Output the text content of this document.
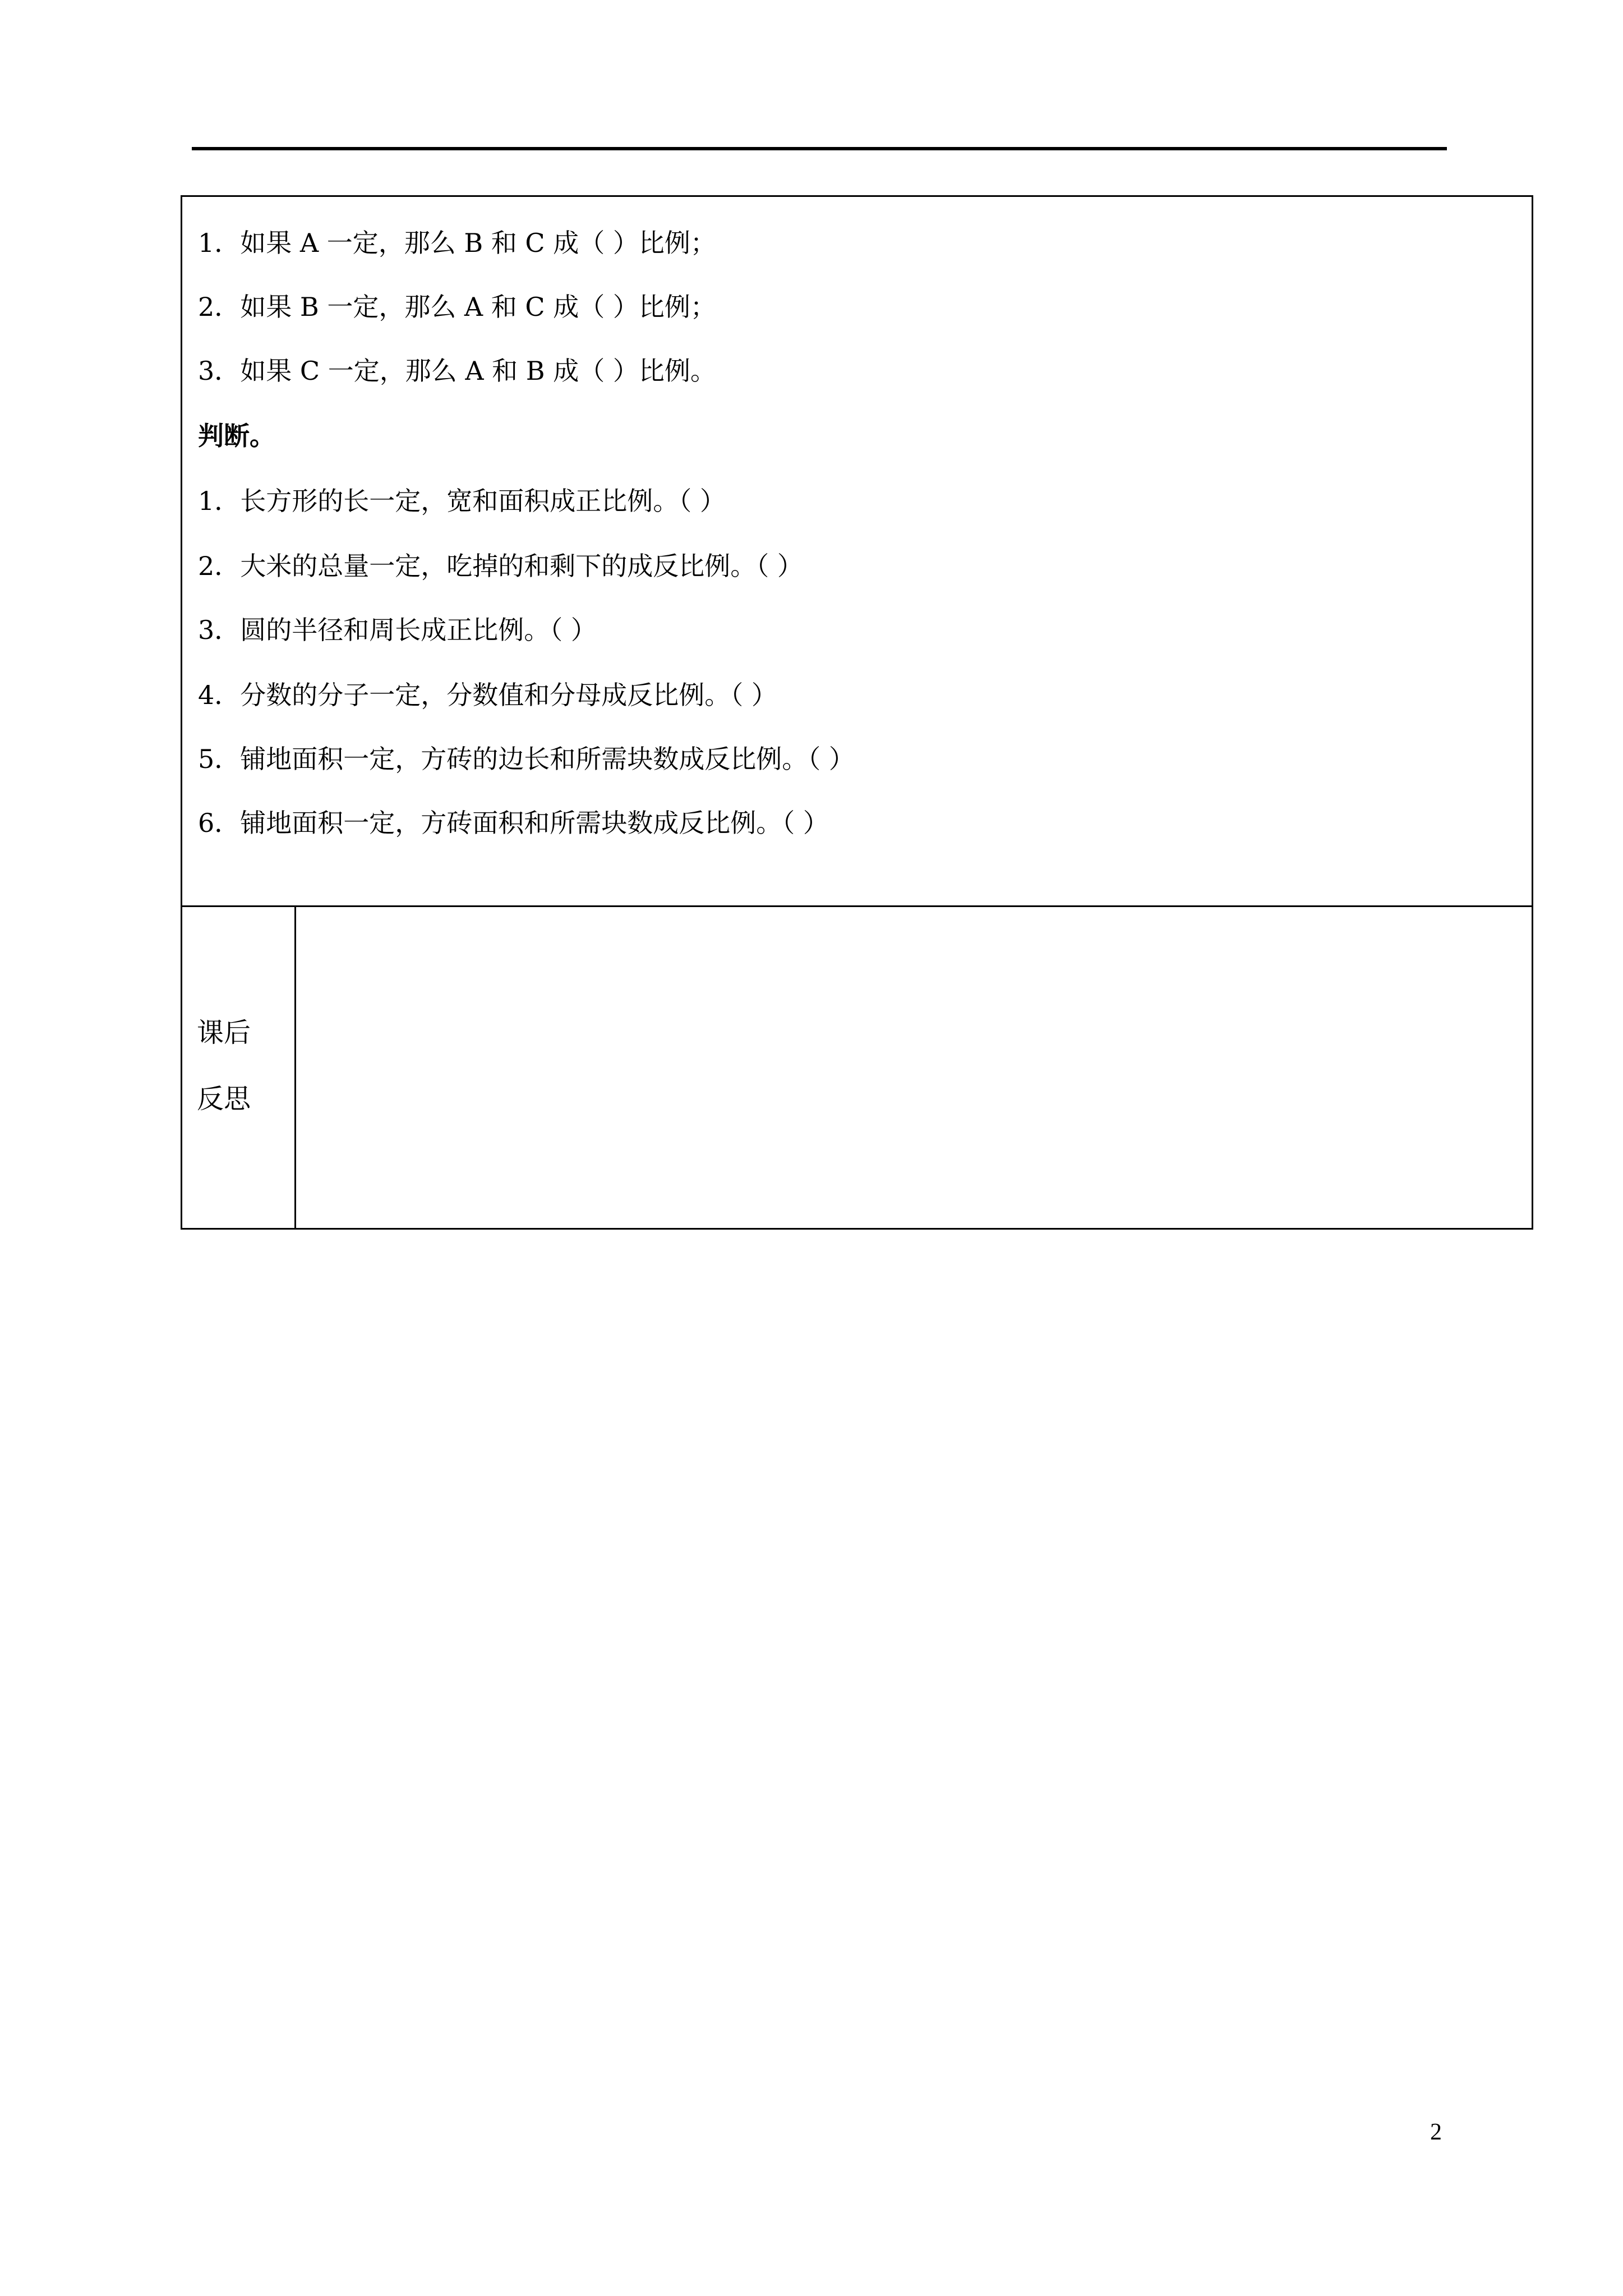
1．如果 A 一定，那么 B 和 C 成（ ）比例；
2．如果 B 一定，那么 A 和 C 成（ ）比例；
3．如果 C 一定，那么 A 和 B 成（ ）比例。
判断。
1．长方形的长一定，宽和面积成正比例。（ ）
2．大米的总量一定，吃掉的和剩下的成反比例。（ ）
3．圆的半径和周长成正比例。（ ）
4．分数的分子一定，分数值和分母成反比例。（ ）
5．铺地面积一定，方砖的边长和所需块数成反比例。（ ）
6．铺地面积一定，方砖面积和所需块数成反比例。（ ）
课后
反思
2
